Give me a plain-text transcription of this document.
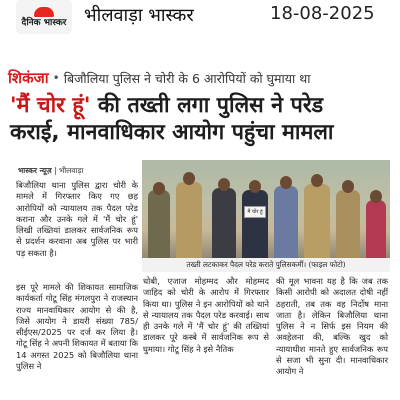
दैनिक भास्कर भीलवाड़ा भास्कर	18-08-2025
शिकंजा • बिजौलिया पुलिस ने चोरी के 6 आरोपियों को घुमाया था
'मैं चोर हूं' की तख्ती लगा पुलिस ने परेड
कराई, मानवाधिकार आयोग पहुंचा मामला
भास्कर न्यूज़ | भीलवाड़ा
बिजौलिया थाना पुलिस द्वारा चोरी के मामले में गिरफ्तार किए गए छह आरोपियों को न्यायालय तक पैदल परेड कराना और उनके गले में 'मैं चोर हूं' लिखी तख्तियां डालकर सार्वजनिक रूप से प्रदर्शन करवाना अब पुलिस पर भारी पड़ सकता है।
इस पूरे मामले की शिकायत सामाजिक कार्यकर्ता गोटू सिंह मंगलपुरा ने राजस्थान राज्य मानवाधिकार आयोग से की है, जिसे आयोग ने डायरी संख्या 785/सीईएस/2025 पर दर्ज कर लिया है। गोटू सिंह ने अपनी शिकायत में बताया कि 14 अगस्त 2025 को बिजौलिया थाना पुलिस ने
धोबी, एजाज मोहम्मद और मोहम्मद जाहिद को चोरी के आरोप में गिरफ्तार किया था। पुलिस ने इन आरोपियों को थाने से न्यायालय तक पैदल परेड करवाई। साथ ही उनके गले में 'मैं चोर हूं' की तख्तियां डालकर पूरे कस्बे में सार्वजनिक रूप से घुमाया। गोटू सिंह ने इसे नैतिक
की मूल भावना यह है कि जब तक किसी आरोपी को अदालत दोषी नहीं ठहराती, तब तक वह निर्दोष माना जाता है। लेकिन बिजौलिया थाना पुलिस ने न सिर्फ इस नियम की अवहेलना की, बल्कि खुद को न्यायाधीश मानते हुए सार्वजनिक रूप से सजा भी सुना दी। मानवाधिकार आयोग ने
मैं चोर हूं
तख्ती लटकाकर पैदल परेड कराते पुलिसकर्मी। (फाइल फोटो)
